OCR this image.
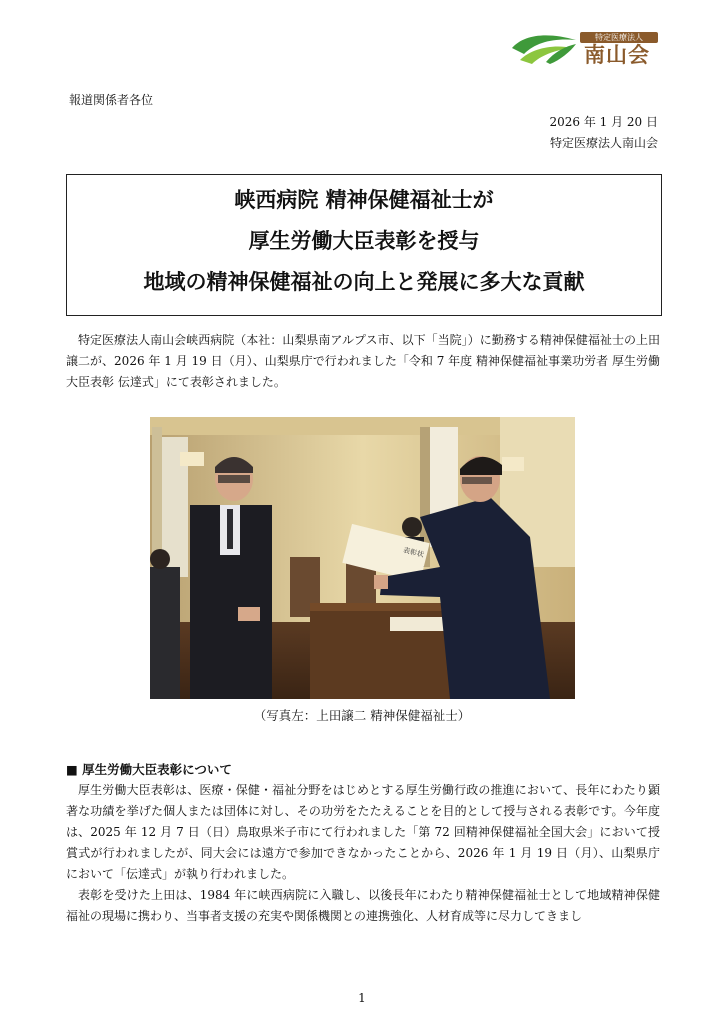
特定医療法人
南山会
報道関係者各位
2026 年 1 月 20 日
特定医療法人南山会
峡西病院 精神保健福祉士が
厚生労働大臣表彰を授与
地域の精神保健福祉の向上と発展に多大な貢献
特定医療法人南山会峡西病院（本社：山梨県南アルプス市、以下「当院」）に勤務する精神保健福祉士の上田譲二が、2026 年 1 月 19 日（月）、山梨県庁で行われました「令和 7 年度 精神保健福祉事業功労者 厚生労働大臣表彰 伝達式」にて表彰されました。
表彰状
（写真左：上田譲二 精神保健福祉士）
■ 厚生労働大臣表彰について
厚生労働大臣表彰は、医療・保健・福祉分野をはじめとする厚生労働行政の推進において、長年にわたり顕著な功績を挙げた個人または団体に対し、その功労をたたえることを目的として授与される表彰です。今年度は、2025 年 12 月 7 日（日）鳥取県米子市にて行われました「第 72 回精神保健福祉全国大会」において授賞式が行われましたが、同大会には遠方で参加できなかったことから、2026 年 1 月 19 日（月）、山梨県庁において「伝達式」が執り行われました。
表彰を受けた上田は、1984 年に峡西病院に入職し、以後長年にわたり精神保健福祉士として地域精神保健福祉の現場に携わり、当事者支援の充実や関係機関との連携強化、人材育成等に尽力してきまし
1
